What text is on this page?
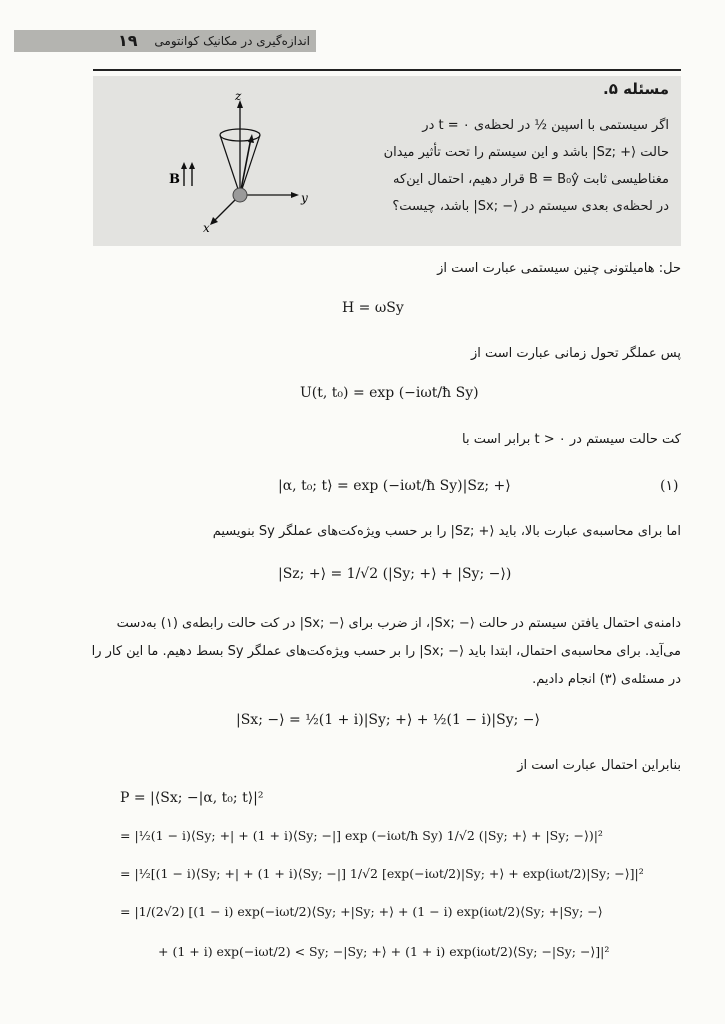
۱۹ اندازه‌گیری در مکانیک کوانتومی
مسئله ۵.
اگر سیستمی با اسپین ½ در لحظه‌ی t = ۰ در
حالت ⟨+ ;Sz| باشد و این سیستم را تحت تأثیر میدان
مغناطیسی ثابت B = B₀ŷ قرار دهیم، احتمال این‌که
در لحظه‌ی بعدی سیستم در ⟨− ;Sx| باشد، چیست؟
z
y
x
B
حل: هامیلتونی چنین سیستمی عبارت است از
H = ωSy
پس عملگر تحول زمانی عبارت است از
U(t, t₀) = exp (−iωt/ħ Sy)
کت حالت سیستم در t > ۰ برابر است با
|α, t₀; t⟩ = exp (−iωt/ħ Sy)|Sz; +⟩	(۱)
اما برای محاسبه‌ی عبارت بالا، باید ⟨+ ;Sz| را بر حسب ویژه‌کت‌های عملگر Sy بنویسیم
|Sz; +⟩ = 1/√2 (|Sy; +⟩ + |Sy; −⟩)
دامنه‌ی احتمال یافتن سیستم در حالت ⟨− ;Sx|، از ضرب برای ⟨− ;Sx| در کت حالت رابطه‌ی (۱) به‌دست
می‌آید. برای محاسبه‌ی احتمال، ابتدا باید ⟨− ;Sx| را بر حسب ویژه‌کت‌های عملگر Sy بسط دهیم. ما این کار را
در مسئله‌ی (۳) انجام دادیم.
|Sx; −⟩ = ½(1 + i)|Sy; +⟩ + ½(1 − i)|Sy; −⟩
بنابراین احتمال عبارت است از
P = |⟨Sx; −|α, t₀; t⟩|²
= |½(1 − i)⟨Sy; +| + (1 + i)⟨Sy; −|] exp (−iωt/ħ Sy) 1/√2 (|Sy; +⟩ + |Sy; −⟩)|²
= |½[(1 − i)⟨Sy; +| + (1 + i)⟨Sy; −|] 1/√2 [exp(−iωt/2)|Sy; +⟩ + exp(iωt/2)|Sy; −⟩]|²
= |1/(2√2) [(1 − i) exp(−iωt/2)⟨Sy; +|Sy; +⟩ + (1 − i) exp(iωt/2)⟨Sy; +|Sy; −⟩
+ (1 + i) exp(−iωt/2) < Sy; −|Sy; +⟩ + (1 + i) exp(iωt/2)⟨Sy; −|Sy; −⟩]|²
